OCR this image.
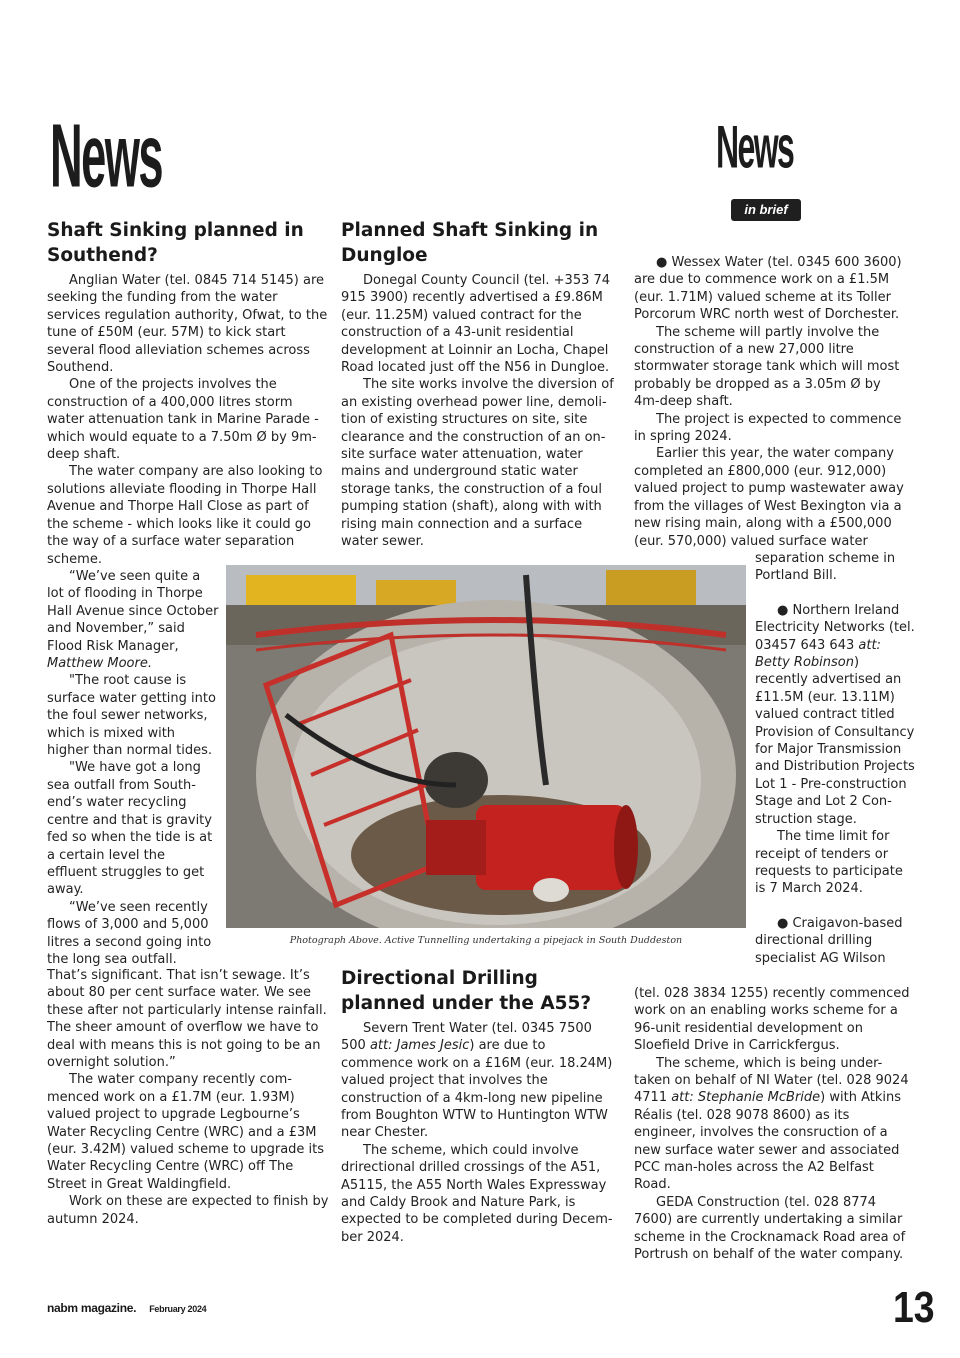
News	News
in brief
Shaft Sinking planned in Southend?

Anglian Water (tel. 0845 714 5145) are seeking the funding from the water services regulation authority, Ofwat, to the tune of £50M (eur. 57M) to kick start several flood alleviation schemes across Southend.

One of the projects involves the construction of a 400,000 litres storm water attenuation tank in Marine Parade - which would equate to a 7.50m Ø by 9m-deep shaft.

The water company are also looking to solutions alleviate flooding in Thorpe Hall Avenue and Thorpe Hall Close as part of the scheme - which looks like it could go the way of a surface water separation scheme.

“We’ve seen quite a lot of flooding in Thorpe Hall Avenue since October and November,” said Flood Risk Manager, Matthew Moore.

"The root cause is surface water getting into the foul sewer networks, which is mixed with higher than normal tides.

"We have got a long sea outfall from South-end’s water recycling centre and that is gravity fed so when the tide is at a certain level the effluent struggles to get away.

“We’ve seen recently flows of 3,000 and 5,000 litres a second going into the long sea outfall.

That’s significant. That isn’t sewage. It’s about 80 per cent surface water. We see these after not particularly intense rainfall. The sheer amount of overflow we have to deal with means this is not going to be an overnight solution.”

The water company recently com-menced work on a £1.7M (eur. 1.93M) valued project to upgrade Legbourne’s Water Recycling Centre (WRC) and a £3M (eur. 3.42M) valued scheme to upgrade its Water Recycling Centre (WRC) off The Street in Great Waldingfield.

Work on these are expected to finish by autumn 2024.

Planned Shaft Sinking in Dungloe

Donegal County Council (tel. +353 74 915 3900) recently advertised a £9.86M (eur. 11.25M) valued contract for the construction of a 43-unit residential development at Loinnir an Locha, Chapel Road located just off the N56 in Dungloe.

The site works involve the diversion of an existing overhead power line, demoli-tion of existing structures on site, site clearance and the construction of an on-site surface water attenuation, water mains and underground static water storage tanks, the construction of a foul pumping station (shaft), along with with rising main connection and a surface water sewer.

Photograph Above. Active Tunnelling undertaking a pipejack in South Duddeston
Directional Drilling planned under the A55?

Severn Trent Water (tel. 0345 7500 500 att: James Jesic) are due to commence work on a £16M (eur. 18.24M) valued project that involves the construction of a 4km-long new pipeline from Boughton WTW to Huntington WTW near Chester.

The scheme, which could involve drirectional drilled crossings of the A51, A5115, the A55 North Wales Expressway and Caldy Brook and Nature Park, is expected to be completed during Decem-ber 2024.

● Wessex Water (tel. 0345 600 3600) are due to commence work on a £1.5M (eur. 1.71M) valued scheme at its Toller Porcorum WRC north west of Dorchester.

The scheme will partly involve the construction of a new 27,000 litre stormwater storage tank which will most probably be dropped as a 3.05m Ø by 4m-deep shaft.

The project is expected to commence in spring 2024.

Earlier this year, the water company completed an £800,000 (eur. 912,000) valued project to pump wastewater away from the villages of West Bexington via a new rising main, along with a £500,000 (eur. 570,000) valued surface water

separation scheme in Portland Bill.

● Northern Ireland Electricity Networks (tel. 03457 643 643 att: Betty Robinson) recently advertised an £11.5M (eur. 13.11M) valued contract titled Provision of Consultancy for Major Transmission and Distribution Projects Lot 1 - Pre-construction Stage and Lot 2 Con-struction stage.

The time limit for receipt of tenders or requests to participate is 7 March 2024.

● Craigavon-based directional drilling specialist AG Wilson

(tel. 028 3834 1255) recently commenced work on an enabling works scheme for a 96-unit residential development on Sloefield Drive in Carrickfergus.

The scheme, which is being under-taken on behalf of NI Water (tel. 028 9024 4711 att: Stephanie McBride) with Atkins Réalis (tel. 028 9078 8600) as its engineer, involves the consruction of a new surface water sewer and associated PCC man-holes across the A2 Belfast Road.

GEDA Construction (tel. 028 8774 7600) are currently undertaking a similar scheme in the Crocknamack Road area of Portrush on behalf of the water company.

nabm magazine. February 2024	13
